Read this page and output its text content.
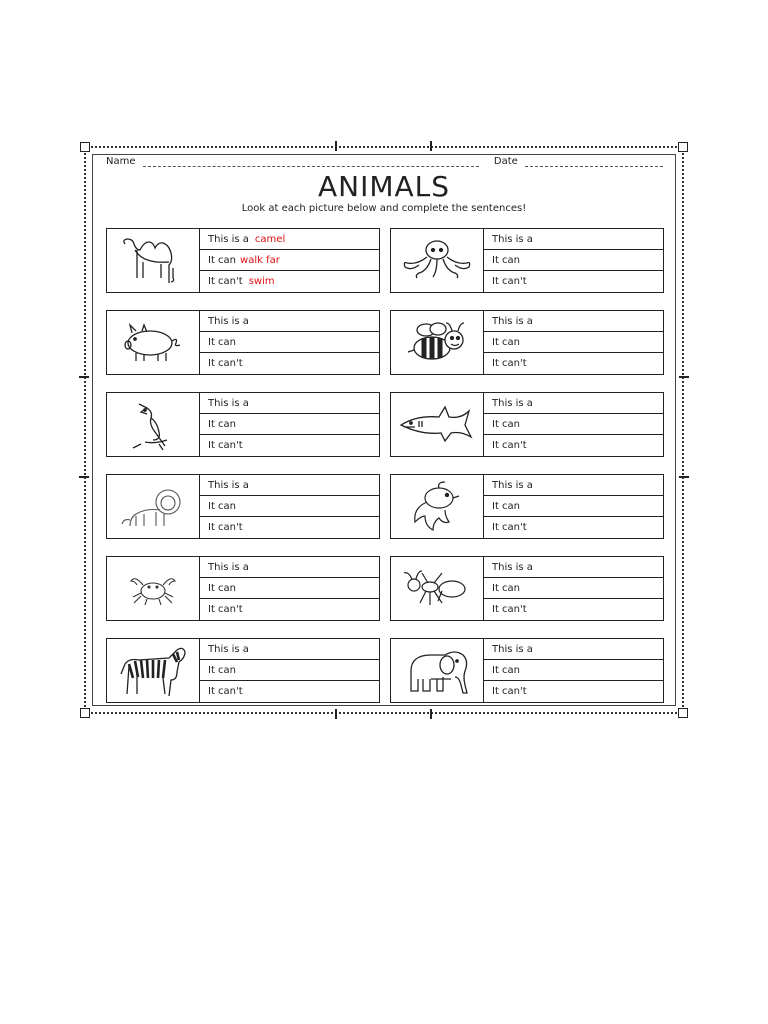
Name	Date
ANIMALS
Look at each picture below and complete the sentences!
This is a camel
It can walk far
It can't swim
This is a
It can
It can't
This is a
It can
It can't
This is a
It can
It can't
This is a
It can
It can't
This is a
It can
It can't
This is a
It can
It can't
This is a
It can
It can't
This is a
It can
It can't
This is a
It can
It can't
This is a
It can
It can't
This is a
It can
It can't
